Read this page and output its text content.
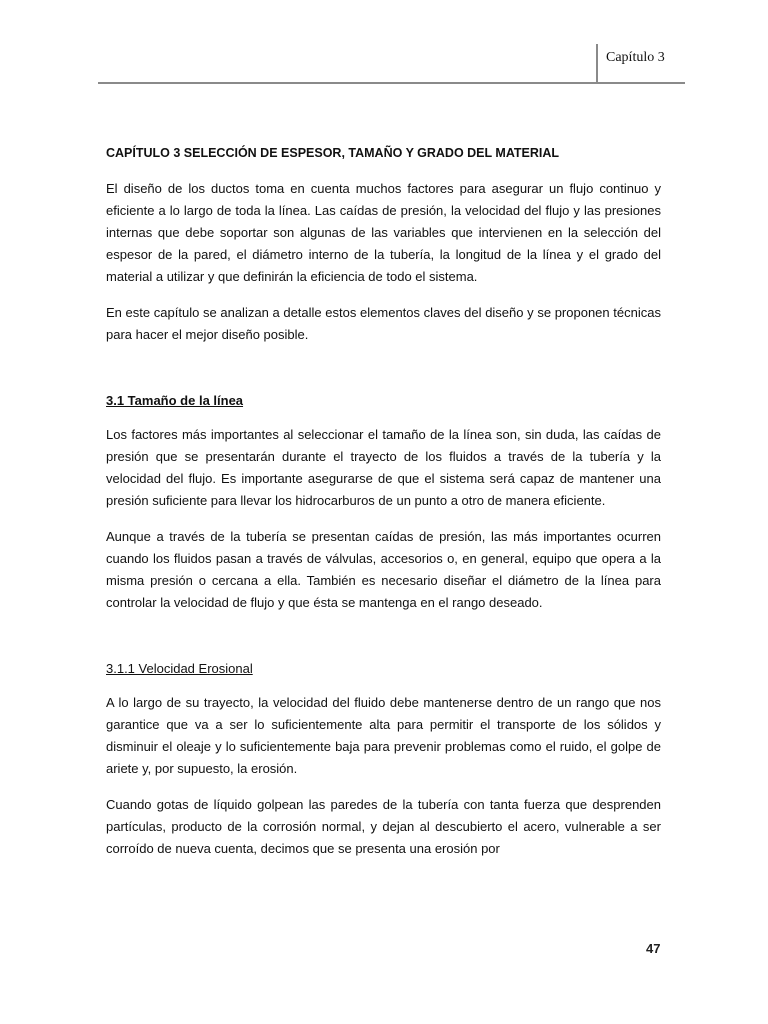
Capítulo 3
CAPÍTULO 3 SELECCIÓN DE ESPESOR, TAMAÑO Y GRADO DEL MATERIAL

El diseño de los ductos toma en cuenta muchos factores para asegurar un flujo continuo y eficiente a lo largo de toda la línea. Las caídas de presión, la velocidad del flujo y las presiones internas que debe soportar son algunas de las variables que intervienen en la selección del espesor de la pared, el diámetro interno de la tubería, la longitud de la línea y el grado del material a utilizar y que definirán la eficiencia de todo el sistema.

En este capítulo se analizan a detalle estos elementos claves del diseño y se proponen técnicas para hacer el mejor diseño posible.

3.1 Tamaño de la línea

Los factores más importantes al seleccionar el tamaño de la línea son, sin duda, las caídas de presión que se presentarán durante el trayecto de los fluidos a través de la tubería y la velocidad del flujo. Es importante asegurarse de que el sistema será capaz de mantener una presión suficiente para llevar los hidrocarburos de un punto a otro de manera eficiente.

Aunque a través de la tubería se presentan caídas de presión, las más importantes ocurren cuando los fluidos pasan a través de válvulas, accesorios o, en general, equipo que opera a la misma presión o cercana a ella. También es necesario diseñar el diámetro de la línea para controlar la velocidad de flujo y que ésta se mantenga en el rango deseado.

3.1.1 Velocidad Erosional

A lo largo de su trayecto, la velocidad del fluido debe mantenerse dentro de un rango que nos garantice que va a ser lo suficientemente alta para permitir el transporte de los sólidos y disminuir el oleaje y lo suficientemente baja para prevenir problemas como el ruido, el golpe de ariete y, por supuesto, la erosión.

Cuando gotas de líquido golpean las paredes de la tubería con tanta fuerza que desprenden partículas, producto de la corrosión normal, y dejan al descubierto el acero, vulnerable a ser corroído de nueva cuenta, decimos que se presenta una erosión por

47
